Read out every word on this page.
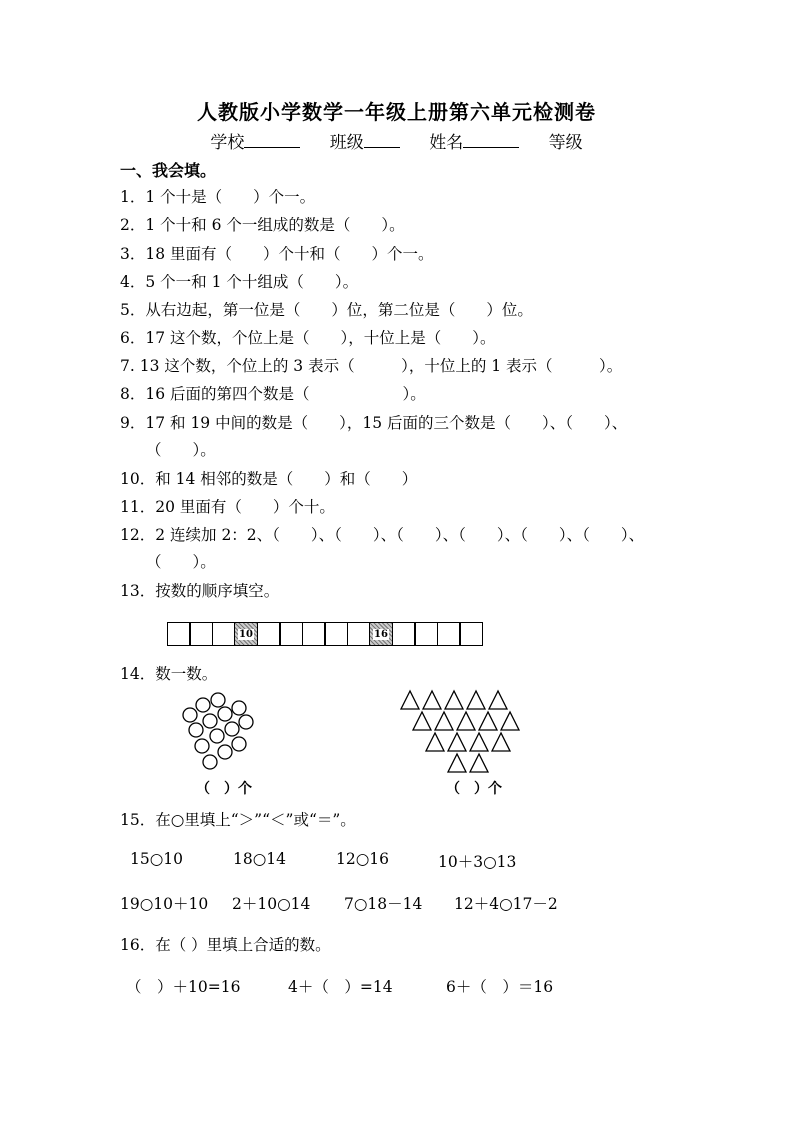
人教版小学数学一年级上册第六单元检测卷
学校	班级	姓名	等级
一、我会填。
1．1 个十是（　　）个一。
2．1 个十和 6 个一组成的数是（　　）。
3．18 里面有（　　）个十和（　　）个一。
4．5 个一和 1 个十组成（　　）。
5．从右边起，第一位是（　　）位，第二位是（　　）位。
6．17 这个数，个位上是（　　），十位上是（　　）。
7. 13 这个数，个位上的 3 表示（　　　），十位上的 1 表示（　　　）。
8．16 后面的第四个数是（　　　　　　）。
9．17 和 19 中间的数是（　　），15 后面的三个数是（　　）、（　　）、
（　　）。
10．和 14 相邻的数是（　　）和（　　）
11．20 里面有（　　）个十。
12．2 连续加 2：2、（　　）、（　　）、（　　）、（　　）、（　　）、（　　）、
（　　）。
13．按数的顺序填空。
10	16
14．数一数。
（　）个	（　）个
15．在○里填上“＞”“＜”或“＝”。
15○10	18○14	12○16	10＋3○13
19○10＋10 2＋10○14 7○18－14 12＋4○17－2
16．在（ ）里填上合适的数。
（　）＋10=16	4＋（　）=14	6＋（　）＝16
